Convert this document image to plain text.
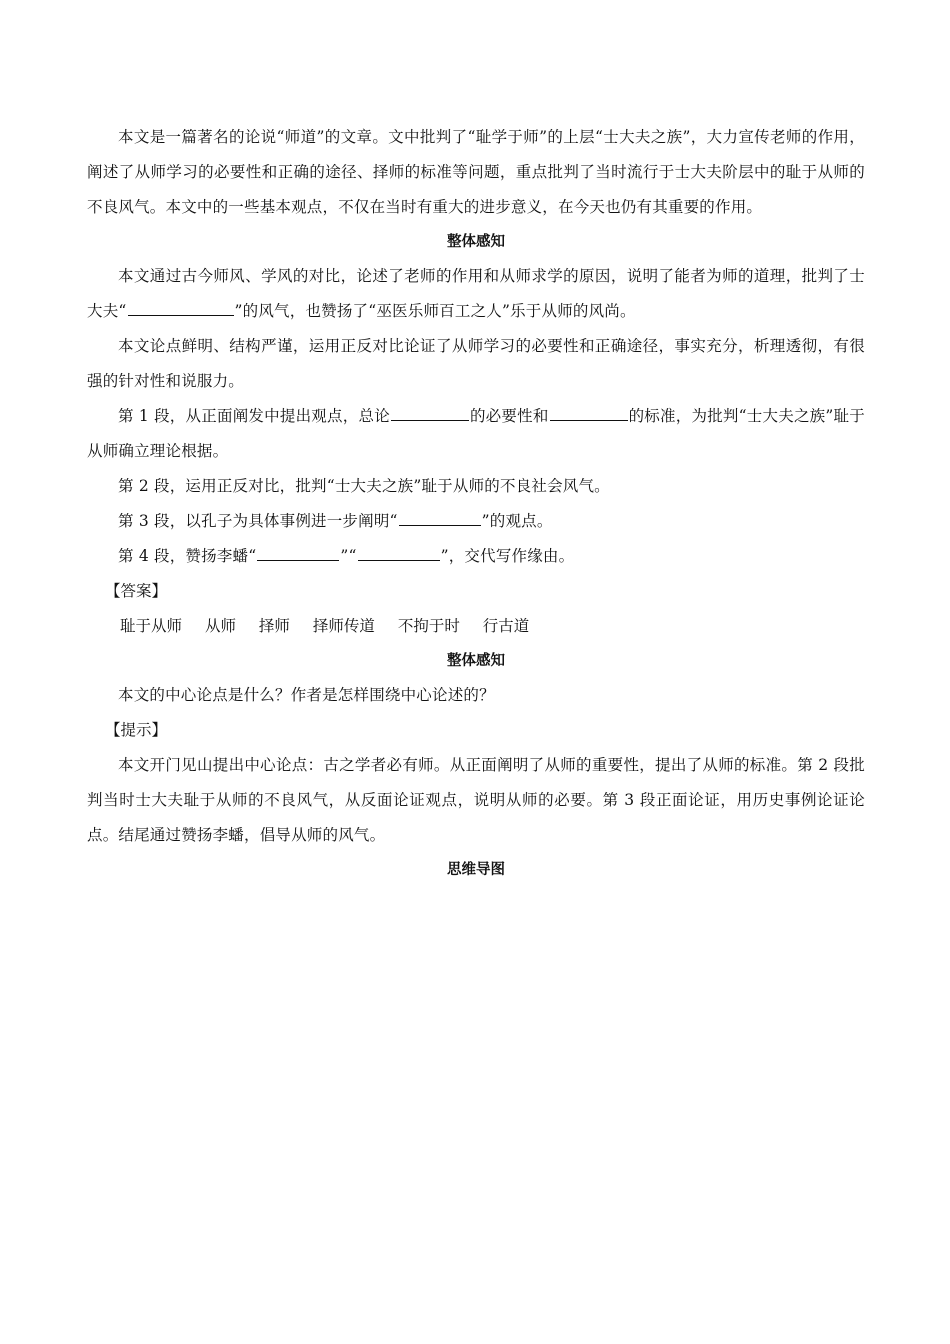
本文是一篇著名的论说“师道”的文章。文中批判了“耻学于师”的上层“士大夫之族”，大力宣传老师的作用，阐述了从师学习的必要性和正确的途径、择师的标准等问题，重点批判了当时流行于士大夫阶层中的耻于从师的不良风气。本文中的一些基本观点，不仅在当时有重大的进步意义，在今天也仍有其重要的作用。

整体感知

本文通过古今师风、学风的对比，论述了老师的作用和从师求学的原因，说明了能者为师的道理，批判了士大夫“	”的风气，也赞扬了“巫医乐师百工之人”乐于从师的风尚。

本文论点鲜明、结构严谨，运用正反对比论证了从师学习的必要性和正确途径，事实充分，析理透彻，有很强的针对性和说服力。

第 1 段，从正面阐发中提出观点，总论	的必要性和	的标准，为批判“士大夫之族”耻于从师确立理论根据。

第 2 段，运用正反对比，批判“士大夫之族”耻于从师的不良社会风气。

第 3 段，以孔子为具体事例进一步阐明“	”的观点。

第 4 段，赞扬李蟠“	”“	”，交代写作缘由。

【答案】

耻于从师 从师 择师 择师传道 不拘于时 行古道

整体感知

本文的中心论点是什么？作者是怎样围绕中心论述的？

【提示】

本文开门见山提出中心论点：古之学者必有师。从正面阐明了从师的重要性，提出了从师的标准。第 2 段批判当时士大夫耻于从师的不良风气，从反面论证观点，说明从师的必要。第 3 段正面论证，用历史事例论证论点。结尾通过赞扬李蟠，倡导从师的风气。

思维导图
